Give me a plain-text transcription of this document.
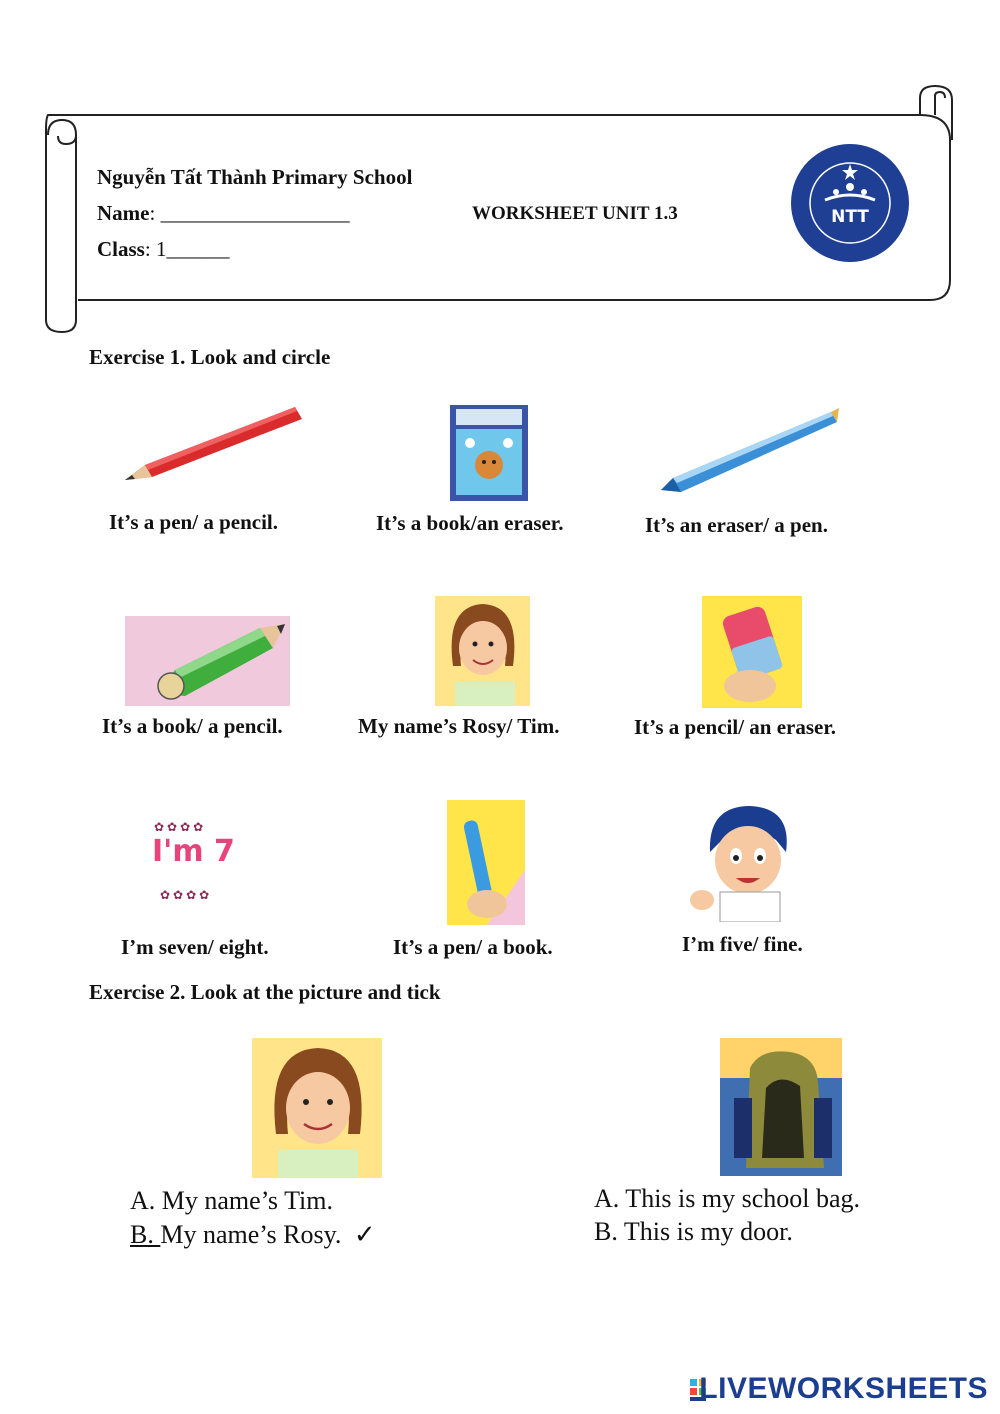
Nguyễn Tất Thành Primary School
Name: __________________
Class: 1______
WORKSHEET UNIT 1.3	NTT
Exercise 1. Look and circle
It’s a pen/ a pencil.	It’s a book/an eraser.	It’s an eraser/ a pen.
It’s a book/ a pencil.	My name’s Rosy/ Tim.	It’s a pencil/ an eraser.
I'm 7
✿ ✿ ✿ ✿
✿ ✿ ✿ ✿
I’m seven/ eight.	It’s a pen/ a book.	I’m five/ fine.
Exercise 2. Look at the picture and tick
A. My name’s Tim.
B. My name’s Rosy. ✓
A. This is my school bag.
B. This is my door.
LIVEWORKSHEETS
